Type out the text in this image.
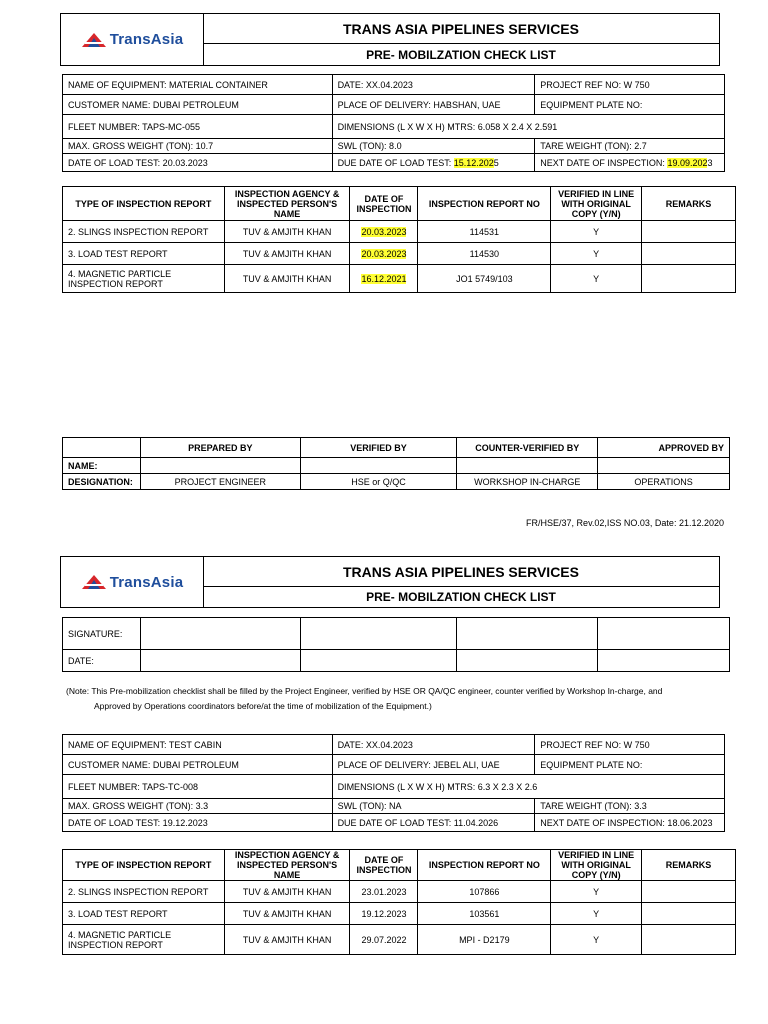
TransAsia
TRANS ASIA PIPELINES SERVICES
PRE- MOBILZATION CHECK LIST
NAME OF EQUIPMENT: MATERIAL CONTAINER	DATE: XX.04.2023	PROJECT REF NO: W 750
CUSTOMER NAME: DUBAI PETROLEUM	PLACE OF DELIVERY: HABSHAN, UAE	EQUIPMENT PLATE NO:
FLEET NUMBER: TAPS-MC-055	DIMENSIONS (L X W X H) MTRS: 6.058 X 2.4 X 2.591	
MAX. GROSS WEIGHT (TON): 10.7	SWL (TON): 8.0	TARE WEIGHT (TON): 2.7
DATE OF LOAD TEST: 20.03.2023	DUE DATE OF LOAD TEST: 15.12.2025	NEXT DATE OF INSPECTION: 19.09.2023
TYPE OF INSPECTION REPORT	INSPECTION AGENCY & INSPECTED PERSON'S NAME	DATE OF INSPECTION	INSPECTION REPORT NO	VERIFIED IN LINE WITH ORIGINAL COPY (Y/N)	REMARKS
2. SLINGS INSPECTION REPORT	TUV & AMJITH KHAN	20.03.2023	114531	Y	
3. LOAD TEST REPORT	TUV & AMJITH KHAN	20.03.2023	114530	Y	
4. MAGNETIC PARTICLE INSPECTION REPORT	TUV & AMJITH KHAN	16.12.2021	JO1 5749/103	Y	
	PREPARED BY	VERIFIED BY	COUNTER-VERIFIED BY	APPROVED BY
NAME:				
DESIGNATION:	PROJECT ENGINEER	HSE or Q/QC	WORKSHOP IN-CHARGE	OPERATIONS
FR/HSE/37, Rev.02,ISS NO.03, Date: 21.12.2020
TransAsia
TRANS ASIA PIPELINES SERVICES
PRE- MOBILZATION CHECK LIST
SIGNATURE:				
DATE:				
(Note: This Pre-mobilization checklist shall be filled by the Project Engineer, verified by HSE OR QA/QC engineer, counter verified by Workshop In-charge, and
Approved by Operations coordinators before/at the time of mobilization of the Equipment.)
NAME OF EQUIPMENT: TEST CABIN	DATE: XX.04.2023	PROJECT REF NO: W 750
CUSTOMER NAME: DUBAI PETROLEUM	PLACE OF DELIVERY: JEBEL ALI, UAE	EQUIPMENT PLATE NO:
FLEET NUMBER: TAPS-TC-008	DIMENSIONS (L X W X H) MTRS: 6.3 X 2.3 X 2.6	
MAX. GROSS WEIGHT (TON): 3.3	SWL (TON): NA	TARE WEIGHT (TON): 3.3
DATE OF LOAD TEST: 19.12.2023	DUE DATE OF LOAD TEST: 11.04.2026	NEXT DATE OF INSPECTION: 18.06.2023
TYPE OF INSPECTION REPORT	INSPECTION AGENCY & INSPECTED PERSON'S NAME	DATE OF INSPECTION	INSPECTION REPORT NO	VERIFIED IN LINE WITH ORIGINAL COPY (Y/N)	REMARKS
2. SLINGS INSPECTION REPORT	TUV & AMJITH KHAN	23.01.2023	107866	Y	
3. LOAD TEST REPORT	TUV & AMJITH KHAN	19.12.2023	103561	Y	
4. MAGNETIC PARTICLE INSPECTION REPORT	TUV & AMJITH KHAN	29.07.2022	MPI - D2179	Y	
